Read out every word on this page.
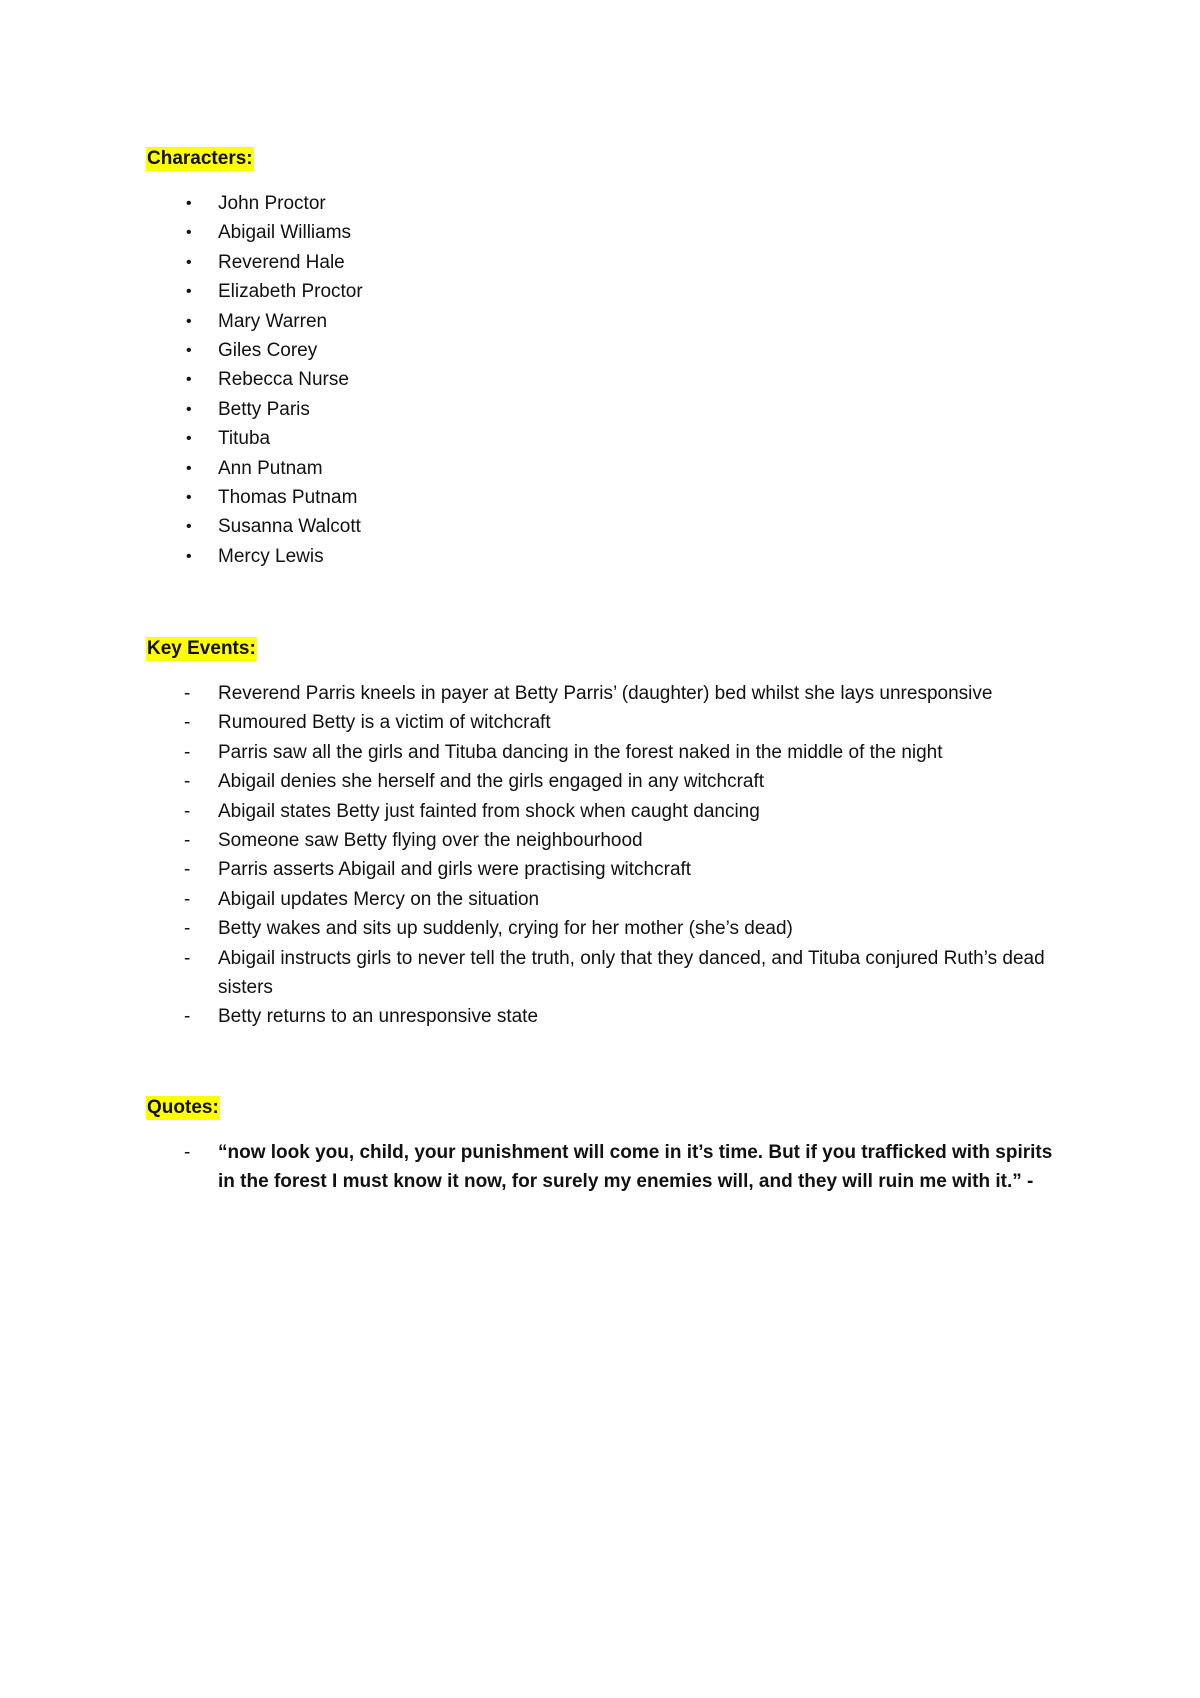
Characters:
•	John Proctor
•	Abigail Williams
•	Reverend Hale
•	Elizabeth Proctor
•	Mary Warren
•	Giles Corey
•	Rebecca Nurse
•	Betty Paris
•	Tituba
•	Ann Putnam
•	Thomas Putnam
•	Susanna Walcott
•	Mercy Lewis
Key Events:
-	Reverend Parris kneels in payer at Betty Parris’ (daughter) bed whilst she lays unresponsive
-	Rumoured Betty is a victim of witchcraft
-	Parris saw all the girls and Tituba dancing in the forest naked in the middle of the night
-	Abigail denies she herself and the girls engaged in any witchcraft
-	Abigail states Betty just fainted from shock when caught dancing
-	Someone saw Betty flying over the neighbourhood
-	Parris asserts Abigail and girls were practising witchcraft
-	Abigail updates Mercy on the situation
-	Betty wakes and sits up suddenly, crying for her mother (she’s dead)
-	Abigail instructs girls to never tell the truth, only that they danced, and Tituba conjured Ruth’s dead sisters
-	Betty returns to an unresponsive state
Quotes:
-	“now look you, child, your punishment will come in it’s time. But if you trafficked with spirits in the forest I must know it now, for surely my enemies will, and they will ruin me with it.” -
